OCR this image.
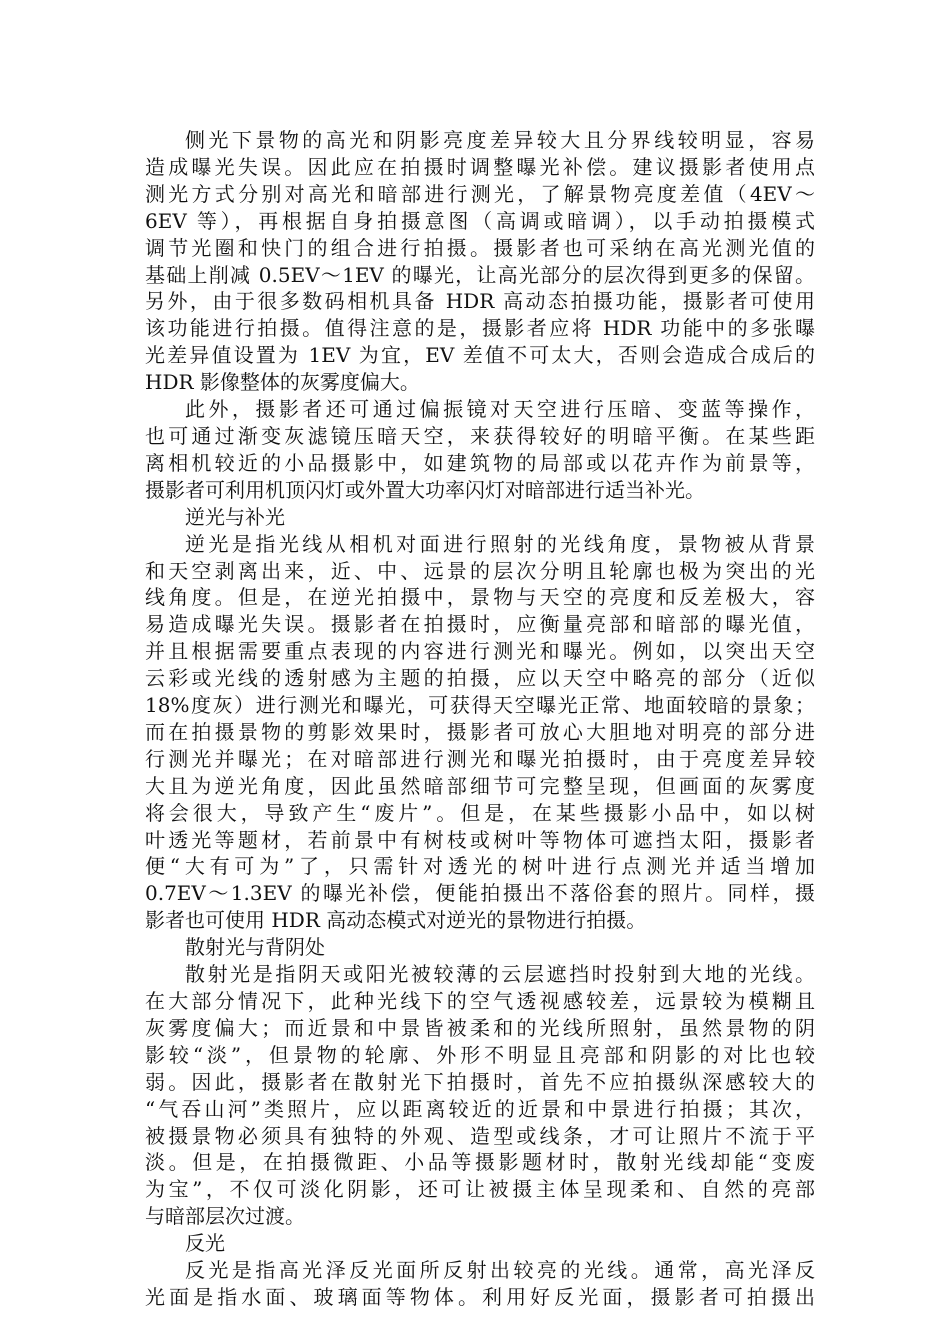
侧光下景物的高光和阴影亮度差异较大且分界线较明显，容易
造成曝光失误。因此应在拍摄时调整曝光补偿。建议摄影者使用点
测光方式分别对高光和暗部进行测光，了解景物亮度差值（4EV～
6EV 等），再根据自身拍摄意图（高调或暗调），以手动拍摄模式
调节光圈和快门的组合进行拍摄。摄影者也可采纳在高光测光值的
基础上削减 0.5EV～1EV 的曝光，让高光部分的层次得到更多的保留。
另外，由于很多数码相机具备 HDR 高动态拍摄功能，摄影者可使用
该功能进行拍摄。值得注意的是，摄影者应将 HDR 功能中的多张曝
光差异值设置为 1EV 为宜，EV 差值不可太大，否则会造成合成后的
HDR 影像整体的灰雾度偏大。
此外，摄影者还可通过偏振镜对天空进行压暗、变蓝等操作，
也可通过渐变灰滤镜压暗天空，来获得较好的明暗平衡。在某些距
离相机较近的小品摄影中，如建筑物的局部或以花卉作为前景等，
摄影者可利用机顶闪灯或外置大功率闪灯对暗部进行适当补光。
逆光与补光
逆光是指光线从相机对面进行照射的光线角度，景物被从背景
和天空剥离出来，近、中、远景的层次分明且轮廓也极为突出的光
线角度。但是，在逆光拍摄中，景物与天空的亮度和反差极大，容
易造成曝光失误。摄影者在拍摄时，应衡量亮部和暗部的曝光值，
并且根据需要重点表现的内容进行测光和曝光。例如，以突出天空
云彩或光线的透射感为主题的拍摄，应以天空中略亮的部分（近似
18%度灰）进行测光和曝光，可获得天空曝光正常、地面较暗的景象；
而在拍摄景物的剪影效果时，摄影者可放心大胆地对明亮的部分进
行测光并曝光；在对暗部进行测光和曝光拍摄时，由于亮度差异较
大且为逆光角度，因此虽然暗部细节可完整呈现，但画面的灰雾度
将会很大，导致产生“废片”。但是，在某些摄影小品中，如以树
叶透光等题材，若前景中有树枝或树叶等物体可遮挡太阳，摄影者
便“大有可为”了，只需针对透光的树叶进行点测光并适当增加
0.7EV～1.3EV 的曝光补偿，便能拍摄出不落俗套的照片。同样，摄
影者也可使用 HDR 高动态模式对逆光的景物进行拍摄。
散射光与背阴处
散射光是指阴天或阳光被较薄的云层遮挡时投射到大地的光线。
在大部分情况下，此种光线下的空气透视感较差，远景较为模糊且
灰雾度偏大；而近景和中景皆被柔和的光线所照射，虽然景物的阴
影较“淡”，但景物的轮廓、外形不明显且亮部和阴影的对比也较
弱。因此，摄影者在散射光下拍摄时，首先不应拍摄纵深感较大的
“气吞山河”类照片，应以距离较近的近景和中景进行拍摄；其次，
被摄景物必须具有独特的外观、造型或线条，才可让照片不流于平
淡。但是，在拍摄微距、小品等摄影题材时，散射光线却能“变废
为宝”，不仅可淡化阴影，还可让被摄主体呈现柔和、自然的亮部
与暗部层次过渡。
反光
反光是指高光泽反光面所反射出较亮的光线。通常，高光泽反
光面是指水面、玻璃面等物体。利用好反光面，摄影者可拍摄出
